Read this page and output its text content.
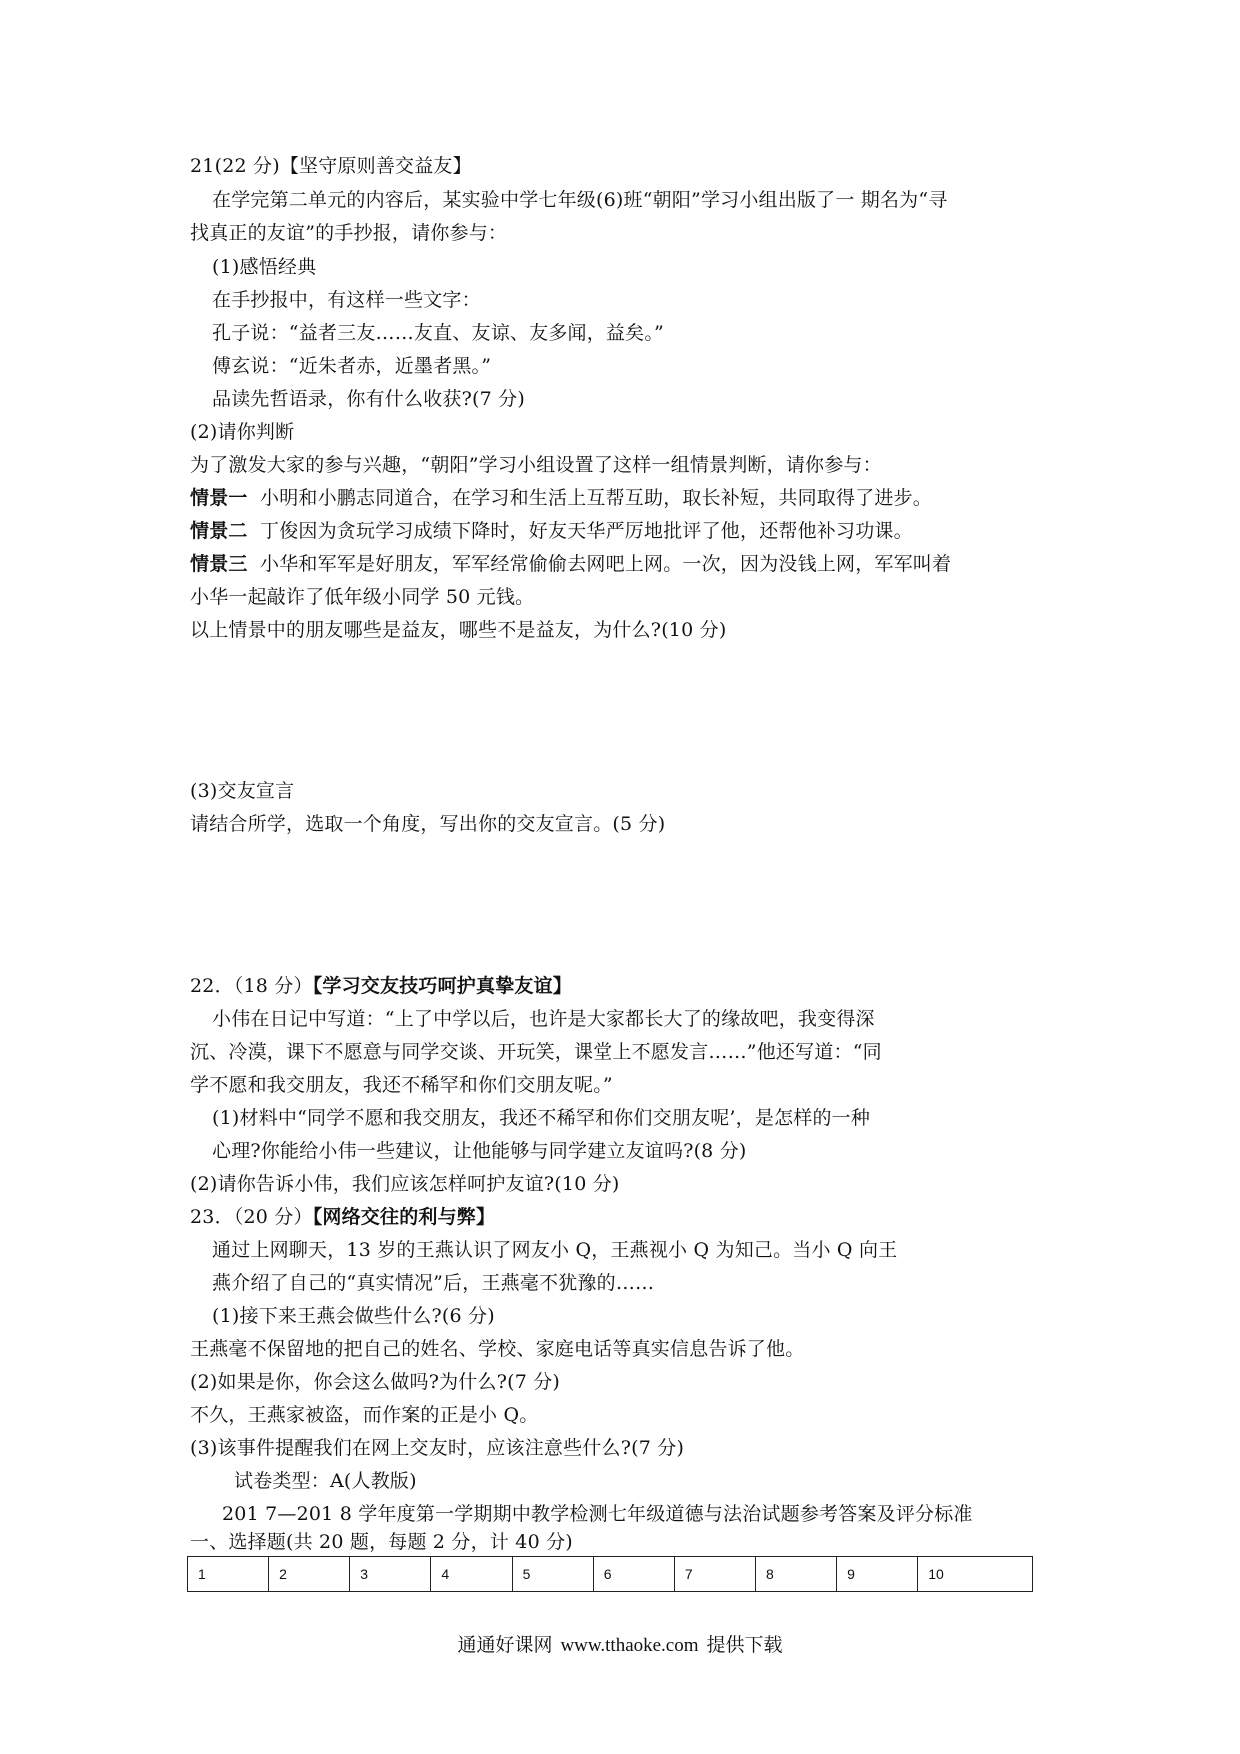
21(22 分)【坚守原则善交益友】
在学完第二单元的内容后，某实验中学七年级(6)班“朝阳”学习小组出版了一 期名为“寻
找真正的友谊”的手抄报，请你参与：
(1)感悟经典
在手抄报中，有这样一些文字：
孔子说：“益者三友……友直、友谅、友多闻，益矣。”
傅玄说：“近朱者赤，近墨者黑。”
品读先哲语录，你有什么收获?(7 分)
(2)请你判断
为了激发大家的参与兴趣，“朝阳”学习小组设置了这样一组情景判断，请你参与：
情景一 小明和小鹏志同道合，在学习和生活上互帮互助，取长补短，共同取得了进步。
情景二 丁俊因为贪玩学习成绩下降时，好友天华严厉地批评了他，还帮他补习功课。
情景三 小华和军军是好朋友，军军经常偷偷去网吧上网。一次，因为没钱上网，军军叫着
小华一起敲诈了低年级小同学 50 元钱。
以上情景中的朋友哪些是益友，哪些不是益友，为什么?(10 分)
(3)交友宣言
请结合所学，选取一个角度，写出你的交友宣言。(5 分)
22．（18 分）【学习交友技巧呵护真挚友谊】
小伟在日记中写道：“上了中学以后，也许是大家都长大了的缘故吧，我变得深
沉、冷漠，课下不愿意与同学交谈、开玩笑，课堂上不愿发言……”他还写道：“同
学不愿和我交朋友，我还不稀罕和你们交朋友呢。”
(1)材料中“同学不愿和我交朋友，我还不稀罕和你们交朋友呢’，是怎样的一种
心理?你能给小伟一些建议，让他能够与同学建立友谊吗?(8 分)
(2)请你告诉小伟，我们应该怎样呵护友谊?(10 分)
23．（20 分）【网络交往的利与弊】
通过上网聊天，13 岁的王燕认识了网友小 Q，王燕视小 Q 为知己。当小 Q 向王
燕介绍了自己的“真实情况”后，王燕毫不犹豫的……
(1)接下来王燕会做些什么?(6 分)
王燕毫不保留地的把自己的姓名、学校、家庭电话等真实信息告诉了他。
(2)如果是你，你会这么做吗?为什么?(7 分)
不久，王燕家被盗，而作案的正是小 Q。
(3)该事件提醒我们在网上交友时，应该注意些什么?(7 分)
试卷类型：A(人教版)
201 7—201 8 学年度第一学期期中教学检测七年级道德与法治试题参考答案及评分标准
一、选择题(共 20 题，每题 2 分，计 40 分)
1	2	3	4	5	6	7	8	9	10
通通好课网 www.tthaoke.com 提供下载
